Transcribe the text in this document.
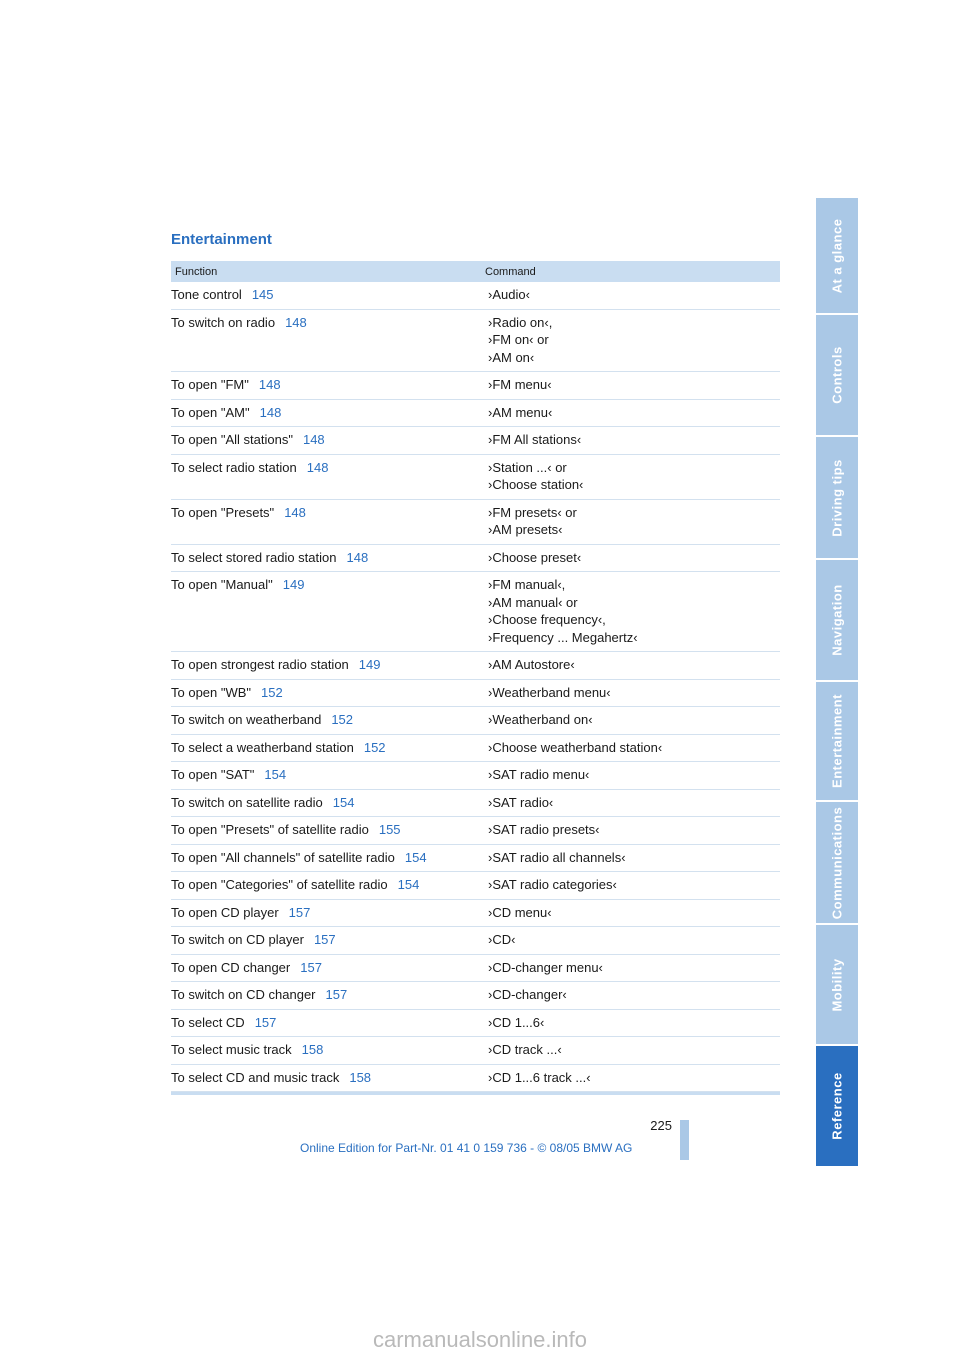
Entertainment
Function	Command
Tone control 145	›Audio‹
To switch on radio 148	›Radio on‹,
›FM on‹ or
›AM on‹
To open "FM" 148	›FM menu‹
To open "AM" 148	›AM menu‹
To open "All stations" 148	›FM All stations‹
To select radio station 148	›Station ...‹ or
›Choose station‹
To open "Presets" 148	›FM presets‹ or
›AM presets‹
To select stored radio station 148	›Choose preset‹
To open "Manual" 149	›FM manual‹,
›AM manual‹ or
›Choose frequency‹,
›Frequency ... Megahertz‹
To open strongest radio station 149	›AM Autostore‹
To open "WB" 152	›Weatherband menu‹
To switch on weatherband 152	›Weatherband on‹
To select a weatherband station 152	›Choose weatherband station‹
To open "SAT" 154	›SAT radio menu‹
To switch on satellite radio 154	›SAT radio‹
To open "Presets" of satellite radio 155	›SAT radio presets‹
To open "All channels" of satellite radio 154	›SAT radio all channels‹
To open "Categories" of satellite radio 154	›SAT radio categories‹
To open CD player 157	›CD menu‹
To switch on CD player 157	›CD‹
To open CD changer 157	›CD-changer menu‹
To switch on CD changer 157	›CD-changer‹
To select CD 157	›CD 1...6‹
To select music track 158	›CD track ...‹
To select CD and music track 158	›CD 1...6 track ...‹
At a glance
Controls
Driving tips
Navigation
Entertainment
Communications
Mobility
Reference
225
Online Edition for Part-Nr. 01 41 0 159 736 - © 08/05 BMW AG
carmanualsonline.info
